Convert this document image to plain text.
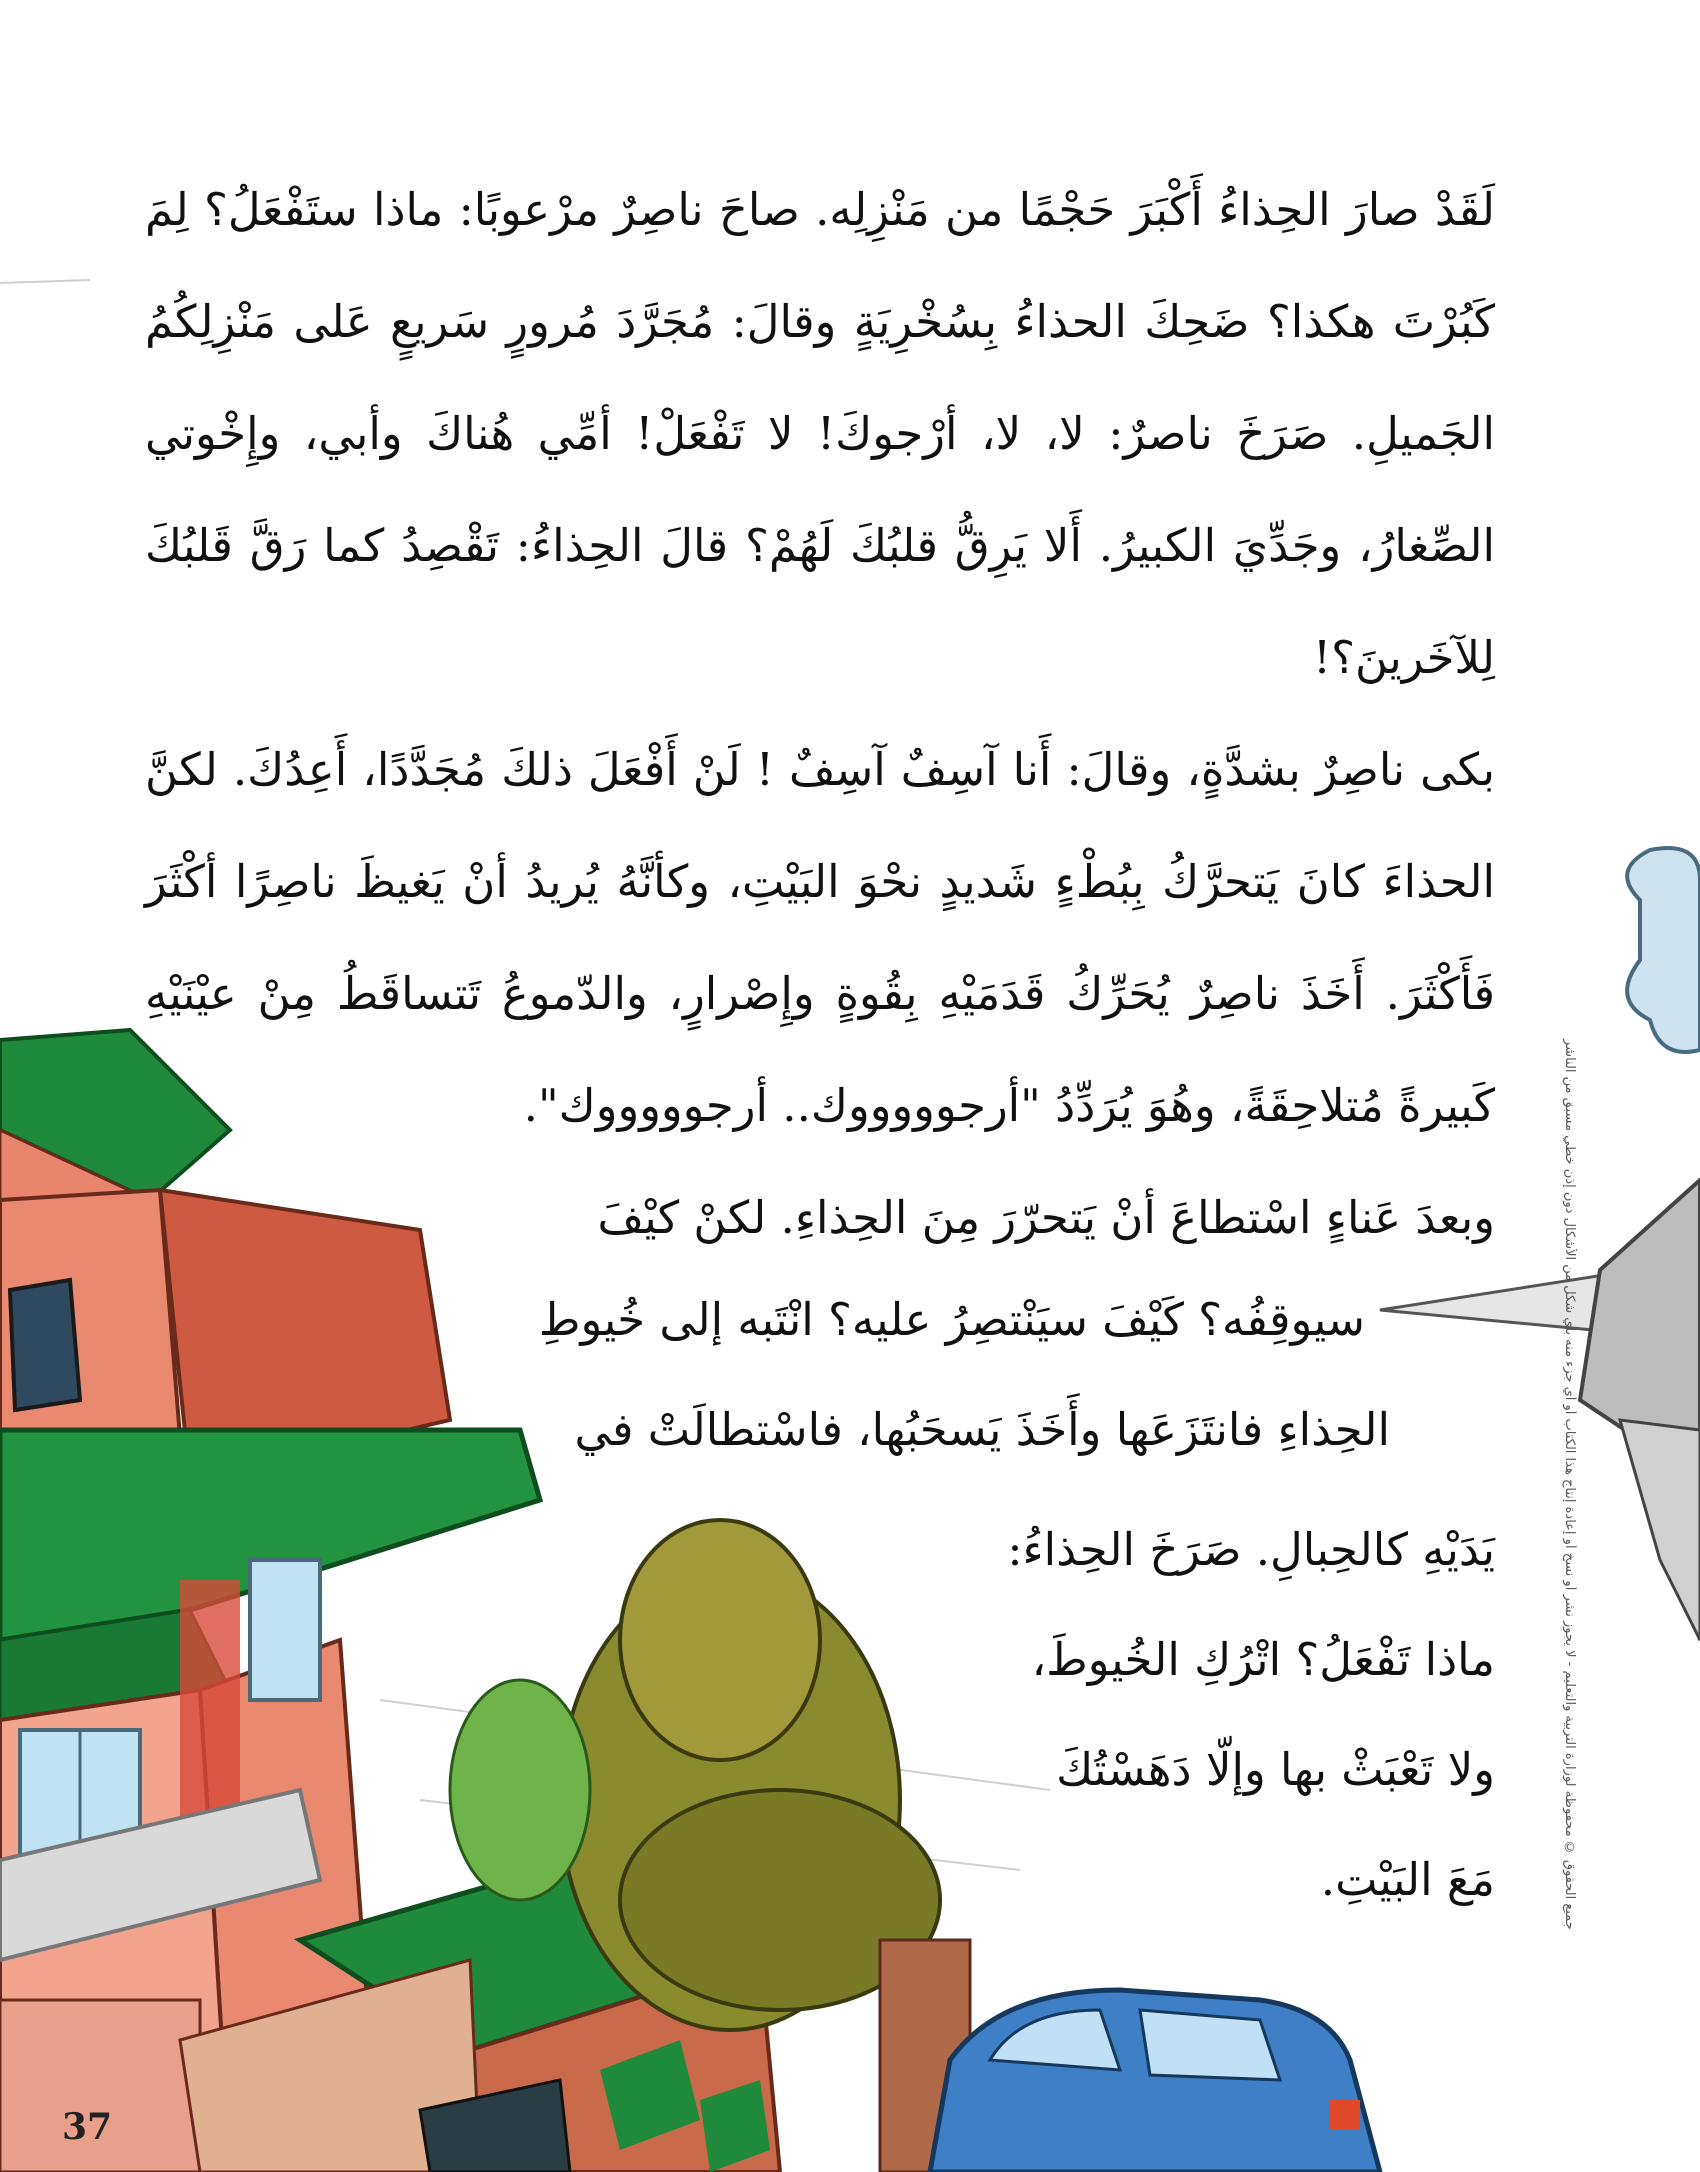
جميع الحقوق © محفوظة لوزارة التربية والتعليم - لا يجوز نشر أو نسخ أو إعادة إنتاج هذا الكتاب أو أي جزء منه بأي شكل من الأشكال دون إذن خطي مسبق من الناشر
لَقَدْ صارَ الحِذاءُ أَكْبَرَ حَجْمًا من مَنْزِلِه. صاحَ ناصِرٌ مرْعوبًا: ماذا ستَفْعَلُ؟ لِمَ
كَبُرْتَ هكذا؟ ضَحِكَ الحذاءُ بِسُخْرِيَةٍ وقالَ: مُجَرَّدَ مُرورٍ سَريعٍ عَلى مَنْزِلِكُمُ
الجَميلِ. صَرَخَ ناصرٌ: لا، لا، أرْجوكَ! لا تَفْعَلْ! أمِّي هُناكَ وأبي، وإِخْوتي
الصِّغارُ، وجَدِّيَ الكبيرُ. أَلا يَرِقُّ قلبُكَ لَهُمْ؟ قالَ الحِذاءُ: تَقْصِدُ كما رَقَّ قَلبُكَ
لِلآخَرينَ؟!
بكى ناصِرٌ بشدَّةٍ، وقالَ: أَنا آسِفٌ آسِفٌ ! لَنْ أَفْعَلَ ذلكَ مُجَدَّدًا، أَعِدُكَ. لكنَّ
الحذاءَ كانَ يَتحرَّكُ بِبُطْءٍ شَديدٍ نحْوَ البَيْتِ، وكأنَّهُ يُريدُ أنْ يَغيظَ ناصِرًا أكْثَرَ
فَأَكْثَرَ. أَخَذَ ناصِرٌ يُحَرِّكُ قَدَمَيْهِ بِقُوةٍ وإِصْرارٍ، والدّموعُ تَتساقَطُ مِنْ عيْنَيْهِ
كَبيرةً مُتلاحِقَةً، وهُوَ يُرَدِّدُ "أرجوووووك.. أرجوووووك".
وبعدَ عَناءٍ اسْتطاعَ أنْ يَتحرّرَ مِنَ الحِذاءِ. لكنْ كيْفَ
سيوقِفُه؟ كَيْفَ سيَنْتصِرُ عليه؟ انْتَبه إلى خُيوطِ
الحِذاءِ فانتَزَعَها وأَخَذَ يَسحَبُها، فاسْتطالَتْ في
يَدَيْهِ كالحِبالِ. صَرَخَ الحِذاءُ:
ماذا تَفْعَلُ؟ اتْرُكِ الخُيوطَ،
ولا تَعْبَثْ بها وإلّا دَهَسْتُكَ
مَعَ البَيْتِ.
37
